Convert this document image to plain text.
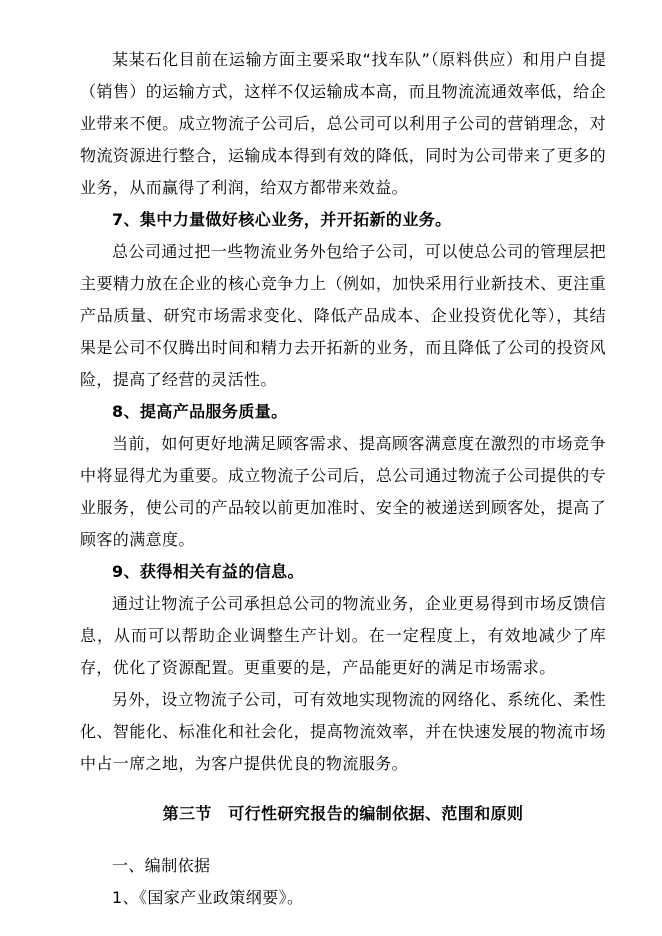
某某石化目前在运输方面主要采取“找车队”（原料供应）和用户自提（销售）的运输方式，这样不仅运输成本高，而且物流流通效率低，给企业带来不便。成立物流子公司后，总公司可以利用子公司的营销理念，对物流资源进行整合，运输成本得到有效的降低，同时为公司带来了更多的业务，从而赢得了利润，给双方都带来效益。

7、集中力量做好核心业务，并开拓新的业务。

总公司通过把一些物流业务外包给子公司，可以使总公司的管理层把主要精力放在企业的核心竞争力上（例如，加快采用行业新技术、更注重产品质量、研究市场需求变化、降低产品成本、企业投资优化等），其结果是公司不仅腾出时间和精力去开拓新的业务，而且降低了公司的投资风险，提高了经营的灵活性。

8、提高产品服务质量。

当前，如何更好地满足顾客需求、提高顾客满意度在激烈的市场竞争中将显得尤为重要。成立物流子公司后，总公司通过物流子公司提供的专业服务，使公司的产品较以前更加准时、安全的被递送到顾客处，提高了顾客的满意度。

9、获得相关有益的信息。

通过让物流子公司承担总公司的物流业务，企业更易得到市场反馈信息，从而可以帮助企业调整生产计划。在一定程度上，有效地减少了库存，优化了资源配置。更重要的是，产品能更好的满足市场需求。

另外，设立物流子公司，可有效地实现物流的网络化、系统化、柔性化、智能化、标准化和社会化，提高物流效率，并在快速发展的物流市场中占一席之地，为客户提供优良的物流服务。

第三节　可行性研究报告的编制依据、范围和原则

一、编制依据

1、《国家产业政策纲要》。
